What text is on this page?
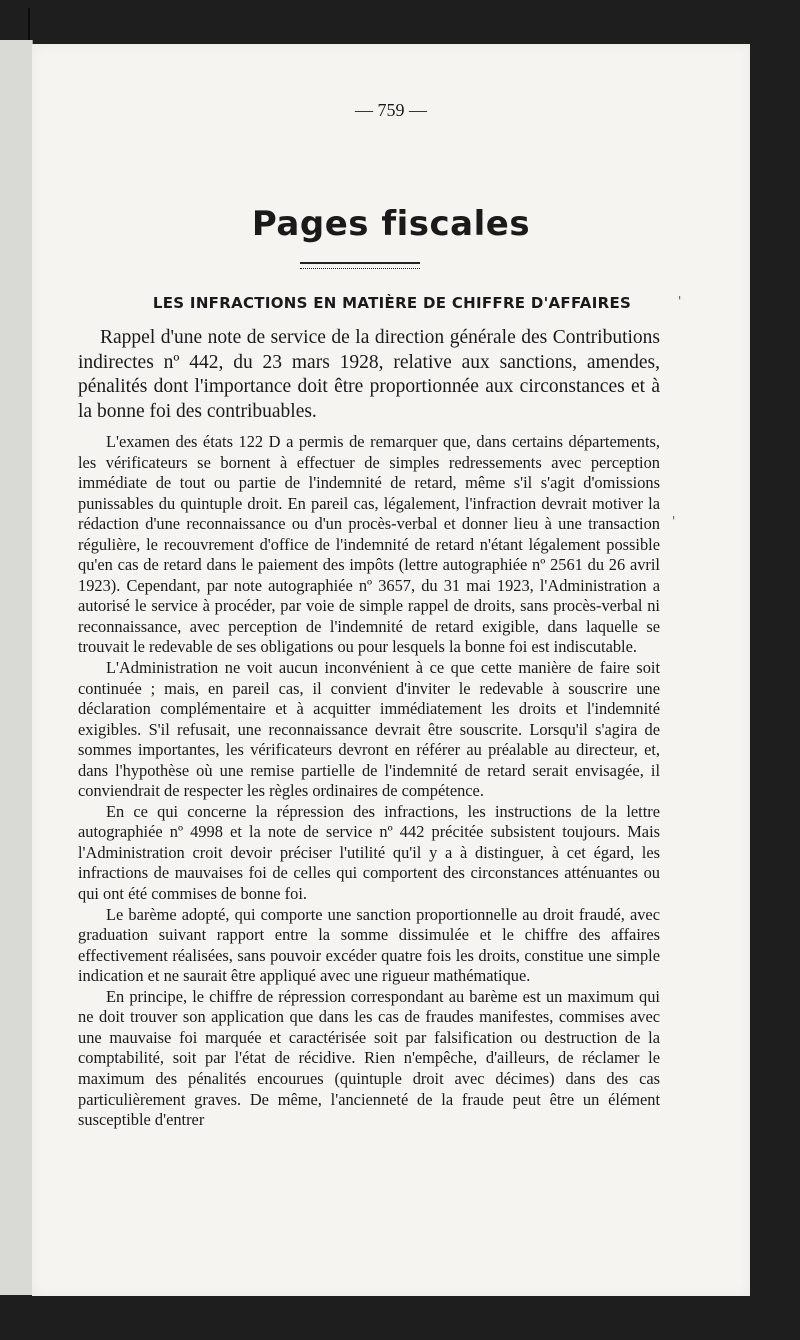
— 759 —
Pages fiscales
LES INFRACTIONS EN MATIÈRE DE CHIFFRE D'AFFAIRES

Rappel d'une note de service de la direction générale des Contributions indirectes nº 442, du 23 mars 1928, relative aux sanctions, amendes, pénalités dont l'importance doit être proportionnée aux circonstances et à la bonne foi des contribuables.

L'examen des états 122 D a permis de remarquer que, dans certains départements, les vérificateurs se bornent à effectuer de simples redressements avec perception immédiate de tout ou partie de l'indemnité de retard, même s'il s'agit d'omissions punissables du quintuple droit. En pareil cas, légalement, l'infraction devrait motiver la rédaction d'une reconnaissance ou d'un procès-verbal et donner lieu à une transaction régulière, le recouvrement d'office de l'indemnité de retard n'étant légalement possible qu'en cas de retard dans le paiement des impôts (lettre autographiée nº 2561 du 26 avril 1923). Cependant, par note autographiée nº 3657, du 31 mai 1923, l'Administration a autorisé le service à procéder, par voie de simple rappel de droits, sans procès-verbal ni reconnaissance, avec perception de l'indemnité de retard exigible, dans laquelle se trouvait le redevable de ses obligations ou pour lesquels la bonne foi est indiscutable.

L'Administration ne voit aucun inconvénient à ce que cette manière de faire soit continuée ; mais, en pareil cas, il convient d'inviter le redevable à souscrire une déclaration complémentaire et à acquitter immédiatement les droits et l'indemnité exigibles. S'il refusait, une reconnaissance devrait être souscrite. Lorsqu'il s'agira de sommes importantes, les vérificateurs devront en référer au préalable au directeur, et, dans l'hypothèse où une remise partielle de l'indemnité de retard serait envisagée, il conviendrait de respecter les règles ordinaires de compétence.

En ce qui concerne la répression des infractions, les instructions de la lettre autographiée nº 4998 et la note de service nº 442 précitée subsistent toujours. Mais l'Administration croit devoir préciser l'utilité qu'il y a à distinguer, à cet égard, les infractions de mauvaises foi de celles qui comportent des circonstances atténuantes ou qui ont été commises de bonne foi.

Le barème adopté, qui comporte une sanction proportionnelle au droit fraudé, avec graduation suivant rapport entre la somme dissimulée et le chiffre des affaires effectivement réalisées, sans pouvoir excéder quatre fois les droits, constitue une simple indication et ne saurait être appliqué avec une rigueur mathématique.

En principe, le chiffre de répression correspondant au barème est un maximum qui ne doit trouver son application que dans les cas de fraudes manifestes, commises avec une mauvaise foi marquée et caractérisée soit par falsification ou destruction de la comptabilité, soit par l'état de récidive. Rien n'empêche, d'ailleurs, de réclamer le maximum des pénalités encourues (quintuple droit avec décimes) dans des cas particulièrement graves. De même, l'ancienneté de la fraude peut être un élément susceptible d'entrer

'
'
